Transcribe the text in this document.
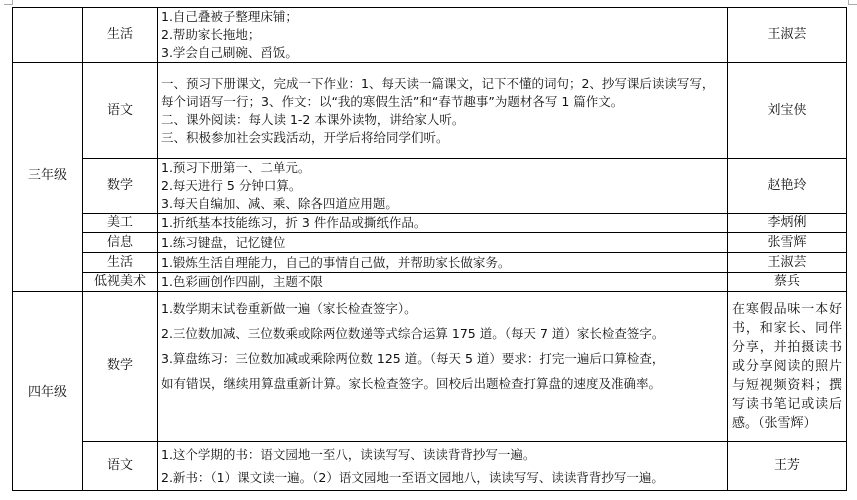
	生活	1.自己叠被子整理床铺；
2.帮助家长拖地；
3.学会自己刷碗、舀饭。	王淑芸
三年级	语文	一、预习下册课文，完成一下作业：1、每天读一篇课文，记下不懂的词句；2、抄写课后读读写写，每个词语写一行；3、作文：以“我的寒假生活”和“春节趣事”为题材各写 1 篇作文。
二、课外阅读：每人读 1-2 本课外读物，讲给家人听。
三、积极参加社会实践活动，开学后将给同学们听。	刘宝侠
	数学	1.预习下册第一、二单元。
2.每天进行 5 分钟口算。
3.每天自编加、减、乘、除各四道应用题。	赵艳玲
	美工	1.折纸基本技能练习，折 3 件作品或撕纸作品。	李炳俐
	信息	1.练习键盘，记忆键位	张雪辉
	生活	1.锻炼生活自理能力，自己的事情自己做，并帮助家长做家务。	王淑芸
	低视美术	1.色彩画创作四副，主题不限	蔡兵
四年级	数学	1.数学期末试卷重新做一遍（家长检查签字）。
2.三位数加减、三位数乘或除两位数递等式综合运算 175 道。（每天 7 道）家长检查签字。
3.算盘练习：三位数加减或乘除两位数 125 道。（每天 5 道）要求：打完一遍后口算检查，
如有错误，继续用算盘重新计算。家长检查签字。回校后出题检查打算盘的速度及准确率。	在寒假品味一本好书，和家长、同伴分享，并拍摄读书或分享阅读的照片与短视频资料；撰写读书笔记或读后感。（张雪辉）
	语文	1.这个学期的书：语文园地一至八，读读写写、读读背背抄写一遍。
2.新书：（1）课文读一遍。（2）语文园地一至语文园地八，读读写写、读读背背抄写一遍。	王芳
